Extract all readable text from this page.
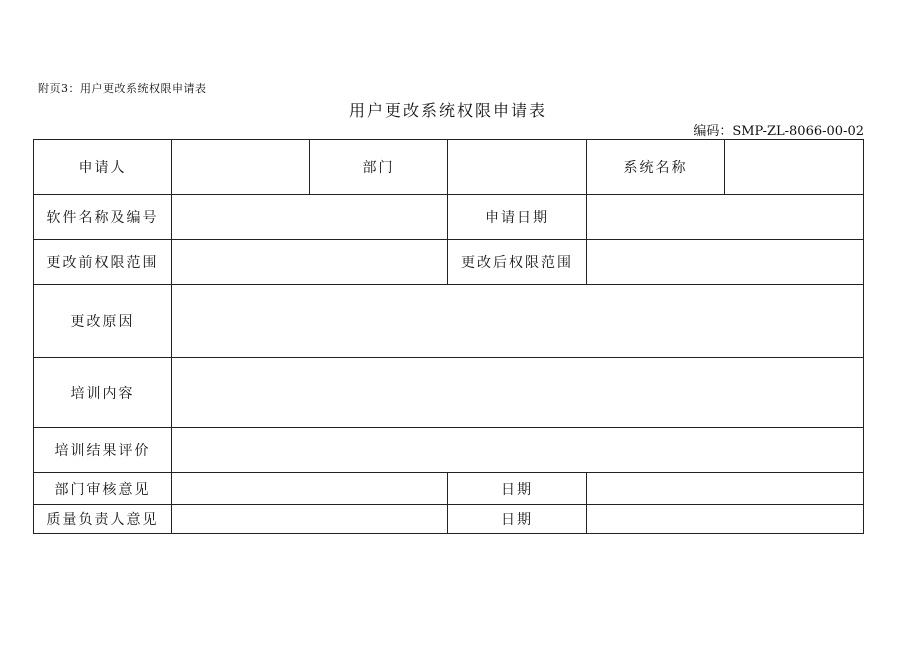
附页3：用户更改系统权限申请表
用户更改系统权限申请表
编码：SMP-ZL-8066-00-02
申请人		部门		系统名称	
软件名称及编号			申请日期		
更改前权限范围			更改后权限范围		
更改原因					
培训内容					
培训结果评价					
部门审核意见			日期		
质量负责人意见			日期		
